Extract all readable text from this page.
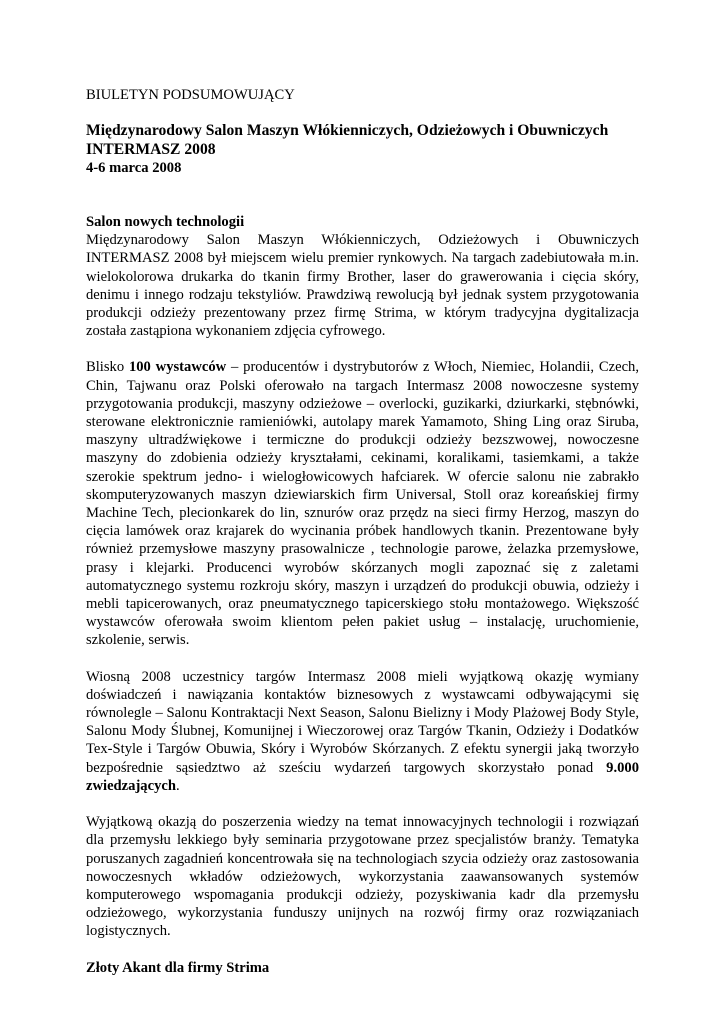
BIULETYN PODSUMOWUJĄCY
Międzynarodowy Salon Maszyn Włókienniczych, Odzieżowych i Obuwniczych
INTERMASZ 2008
4-6 marca 2008
Salon nowych technologii

Międzynarodowy Salon Maszyn Włókienniczych, Odzieżowych i Obuwniczych INTERMASZ 2008 był miejscem wielu premier rynkowych. Na targach zadebiutowała m.in. wielokolorowa drukarka do tkanin firmy Brother, laser do grawerowania i cięcia skóry, denimu i innego rodzaju tekstyliów. Prawdziwą rewolucją był jednak system przygotowania produkcji odzieży prezentowany przez firmę Strima, w którym tradycyjna dygitalizacja została zastąpiona wykonaniem zdjęcia cyfrowego.

Blisko 100 wystawców – producentów i dystrybutorów z Włoch, Niemiec, Holandii, Czech, Chin, Tajwanu oraz Polski oferowało na targach Intermasz 2008 nowoczesne systemy przygotowania produkcji, maszyny odzieżowe – overlocki, guzikarki, dziurkarki, stębnówki, sterowane elektronicznie ramieniówki, autolapy marek Yamamoto, Shing Ling oraz Siruba, maszyny ultradźwiękowe i termiczne do produkcji odzieży bezszwowej, nowoczesne maszyny do zdobienia odzieży kryształami, cekinami, koralikami, tasiemkami, a także szerokie spektrum jedno- i wielogłowicowych hafciarek. W ofercie salonu nie zabrakło skomputeryzowanych maszyn dziewiarskich firm Universal, Stoll oraz koreańskiej firmy Machine Tech, plecionkarek do lin, sznurów oraz przędz na sieci firmy Herzog, maszyn do cięcia lamówek oraz krajarek do wycinania próbek handlowych tkanin. Prezentowane były również przemysłowe maszyny prasowalnicze , technologie parowe, żelazka przemysłowe, prasy i klejarki. Producenci wyrobów skórzanych mogli zapoznać się z zaletami automatycznego systemu rozkroju skóry, maszyn i urządzeń do produkcji obuwia, odzieży i mebli tapicerowanych, oraz pneumatycznego tapicerskiego stołu montażowego. Większość wystawców oferowała swoim klientom pełen pakiet usług – instalację, uruchomienie, szkolenie, serwis.

Wiosną 2008 uczestnicy targów Intermasz 2008 mieli wyjątkową okazję wymiany doświadczeń i nawiązania kontaktów biznesowych z wystawcami odbywającymi się równolegle – Salonu Kontraktacji Next Season, Salonu Bielizny i Mody Plażowej Body Style, Salonu Mody Ślubnej, Komunijnej i Wieczorowej oraz Targów Tkanin, Odzieży i Dodatków Tex-Style i Targów Obuwia, Skóry i Wyrobów Skórzanych. Z efektu synergii jaką tworzyło bezpośrednie sąsiedztwo aż sześciu wydarzeń targowych skorzystało ponad 9.000 zwiedzających.

Wyjątkową okazją do poszerzenia wiedzy na temat innowacyjnych technologii i rozwiązań dla przemysłu lekkiego były seminaria przygotowane przez specjalistów branży. Tematyka poruszanych zagadnień koncentrowała się na technologiach szycia odzieży oraz zastosowania nowoczesnych wkładów odzieżowych, wykorzystania zaawansowanych systemów komputerowego wspomagania produkcji odzieży, pozyskiwania kadr dla przemysłu odzieżowego, wykorzystania funduszy unijnych na rozwój firmy oraz rozwiązaniach logistycznych.

Złoty Akant dla firmy Strima
